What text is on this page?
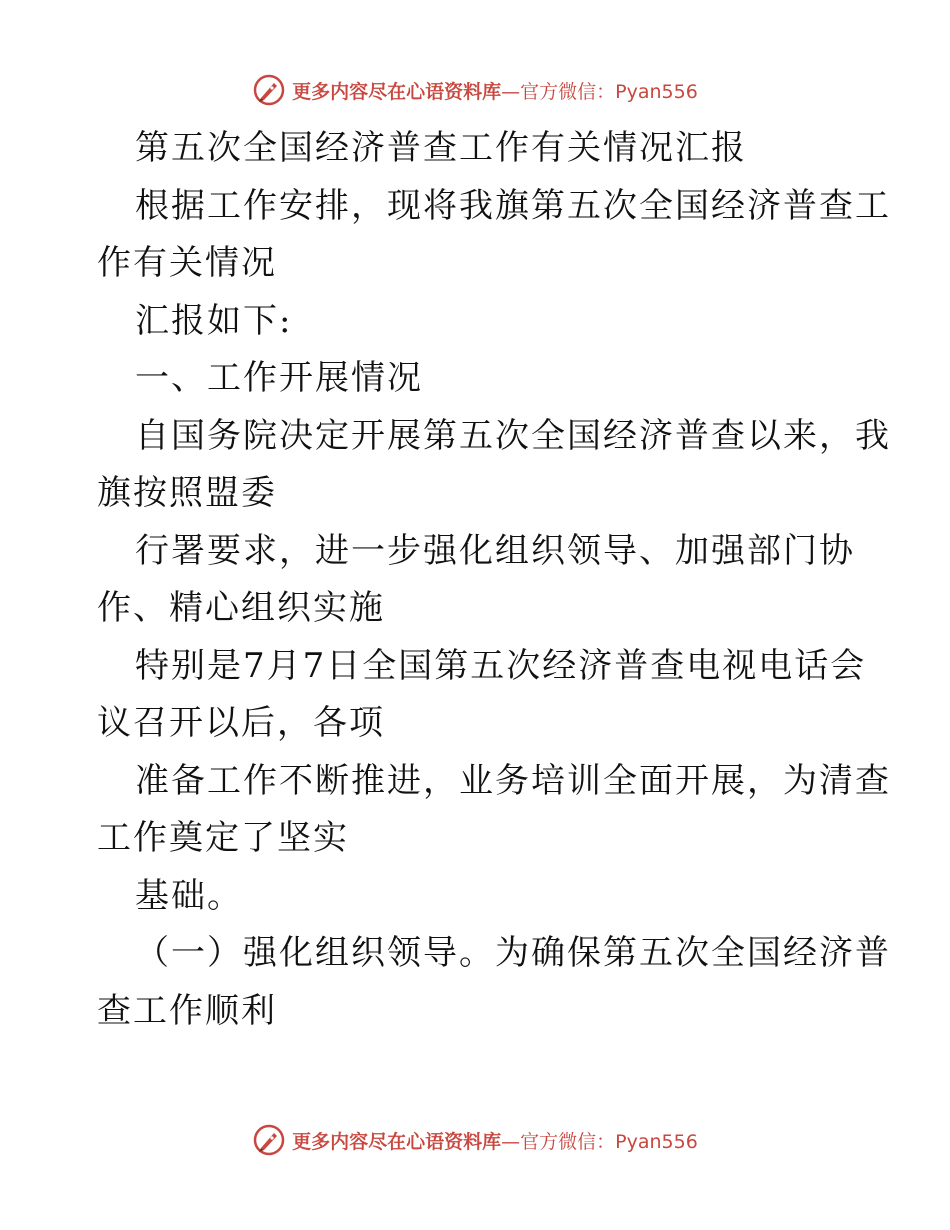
更多内容尽在心语资料库—官方微信：Pyan556
第五次全国经济普查工作有关情况汇报
根据工作安排，现将我旗第五次全国经济普查工
作有关情况
汇报如下:
一、工作开展情况
自国务院决定开展第五次全国经济普查以来，我
旗按照盟委
行署要求，进一步强化组织领导、加强部门协
作、精心组织实施
特别是7月7日全国第五次经济普查电视电话会
议召开以后，各项
准备工作不断推进，业务培训全面开展，为清查
工作奠定了坚实
基础。
（一）强化组织领导。为确保第五次全国经济普
查工作顺利
更多内容尽在心语资料库—官方微信：Pyan556
